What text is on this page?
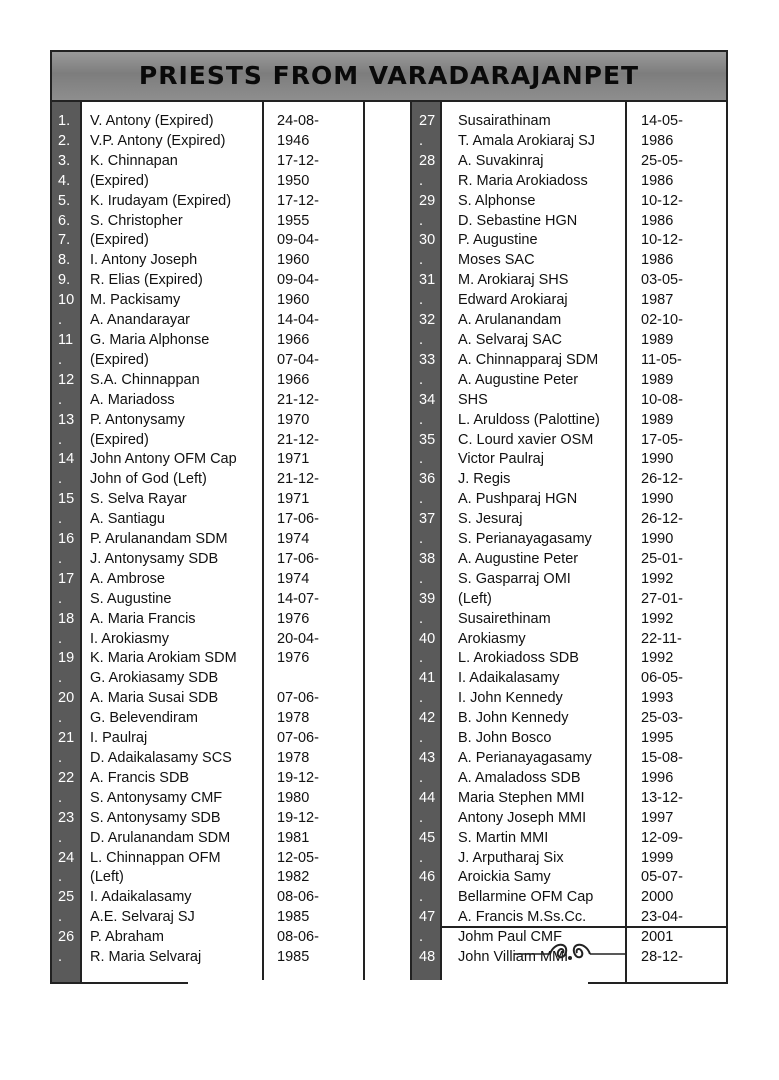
PRIESTS FROM VARADARAJANPET
1.
2.
3.
4.
5.
6.
7.
8.
9.
10
.
11
.
12
.
13
.
14
.
15
.
16
.
17
.
18
.
19
.
20
.
21
.
22
.
23
.
24
.
25
.
26
.
V. Antony (Expired)
V.P. Antony (Expired)
K. Chinnapan
(Expired)
K. Irudayam (Expired)
S. Christopher
(Expired)
I. Antony Joseph
R. Elias (Expired)
M. Packisamy
A. Anandarayar
G. Maria Alphonse
(Expired)
S.A. Chinnappan
A. Mariadoss
P. Antonysamy
(Expired)
John Antony OFM Cap
John of God (Left)
S. Selva Rayar
A. Santiagu
P. Arulanandam SDM
J. Antonysamy SDB
A. Ambrose
S. Augustine
A. Maria Francis
I. Arokiasmy
K. Maria Arokiam SDM
G. Arokiasamy SDB
A. Maria Susai SDB
G. Belevendiram
I. Paulraj
D. Adaikalasamy SCS
A. Francis SDB
S. Antonysamy CMF
S. Antonysamy SDB
D. Arulanandam SDM
L. Chinnappan OFM
(Left)
I. Adaikalasamy
A.E. Selvaraj SJ
P. Abraham
R. Maria Selvaraj
24-08-
1946
17-12-
1950
17-12-
1955
09-04-
1960
09-04-
1960
14-04-
1966
07-04-
1966
21-12-
1970
21-12-
1971
21-12-
1971
17-06-
1974
17-06-
1974
14-07-
1976
20-04-
1976

07-06-
1978
07-06-
1978
19-12-
1980
19-12-
1981
12-05-
1982
08-06-
1985
08-06-
1985
27
.
28
.
29
.
30
.
31
.
32
.
33
.
34
.
35
.
36
.
37
.
38
.
39
.
40
.
41
.
42
.
43
.
44
.
45
.
46
.
47
.
48
Susairathinam
T. Amala Arokiaraj SJ
A. Suvakinraj
R. Maria Arokiadoss
S. Alphonse
D. Sebastine HGN
P. Augustine
Moses SAC
M. Arokiaraj SHS
Edward Arokiaraj
A. Arulanandam
A. Selvaraj SAC
A. Chinnapparaj SDM
A. Augustine Peter
SHS
L. Aruldoss (Palottine)
C. Lourd xavier OSM
Victor Paulraj
J. Regis
A. Pushparaj HGN
S. Jesuraj
S. Perianayagasamy
A. Augustine Peter
S. Gasparraj OMI
(Left)
Susairethinam
Arokiasmy
L. Arokiadoss SDB
I. Adaikalasamy
I. John Kennedy
B. John Kennedy
B. John Bosco
A. Perianayagasamy
A. Amaladoss SDB
Maria Stephen MMI
Antony Joseph MMI
S. Martin MMI
J. Arputharaj Six
Aroickia Samy
Bellarmine OFM Cap
A. Francis M.Ss.Cc.
Johm Paul CMF
John Villiam MMI
14-05-
1986
25-05-
1986
10-12-
1986
10-12-
1986
03-05-
1987
02-10-
1989
11-05-
1989
10-08-
1989
17-05-
1990
26-12-
1990
26-12-
1990
25-01-
1992
27-01-
1992
22-11-
1992
06-05-
1993
25-03-
1995
15-08-
1996
13-12-
1997
12-09-
1999
05-07-
2000
23-04-
2001
28-12-
